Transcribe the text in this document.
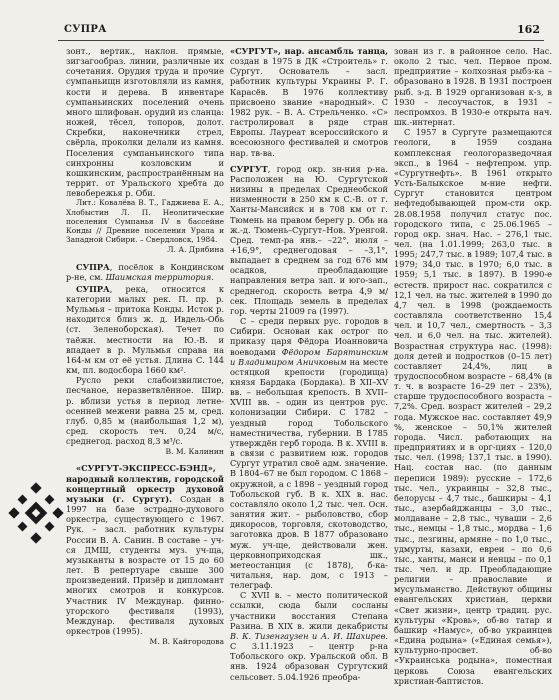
СУПРА	162

зонт., вертик., наклон. прямые, зигзагообраз. линии, различные их сочетания. Орудия труда и прочие сумпаньищн изготовляли из камня, кости и дерева. В инвентаре сумпаньинских поселений очень много шлифован. орудий из сланца: ножей, тёсел, топоров, долот. Скребки, наконечники стрел, свёрла, проколки делали из камня. Поселения сумпаньинского типа синхронны козловским и кошкинским, распространённым на террит. от Уральского хребта до левобережья р. Оби.

Лит.: Ковалёва В. Т., Гаджиева Е. А., Хлобыстин Л. П. Неолитические поселения Сумпанья IV в бассейне Конды // Древние поселения Урала и Западной Сибири. – Свердловск, 1984.

Л. А. Дрябина

СУПРА, посёлок в Кондинском р-не, см. Шаимская территория.

СУПРА, река, относится к категории малых рек. П. пр. р. Мульмья – притока Конды. Исток р. находится близ ж. д. Ивдель-Обь (ст. Зеленоборская). Течет по таёжн. местности на Ю.-В. и впадает в р. Мульмья справа на 164-м км от её устья. Длина С. 144 км, пл. водосбора 1660 км².

Русло реки слабоизвилистое, песчаное, неразветвлённое. Шир. р. вблизи устья в период летне-осенней межени равна 25 м, сред. глуб. 0,85 м (наибольшая 1,2 м), сред. скорость теч. 0,24 м/с, среднегод. расход 8,3 м³/с.

В. М. Калинин

«СУРГУТ-ЭКСПРЕСС-БЭНД», народный коллектив, городской концертный оркестр духовой музыки (г. Сургут). Создан в 1997 на базе эстрадно-духового оркестра, существующего с 1967. Рук. – засл. работник культуры России В. А. Санин. В составе – уч-ся ДМШ, студенты муз. уч-ща, музыканты в возрасте от 15 до 60 лет. В репертуаре свыше 300 произведений. Призёр и дипломант многих смотров и конкурсов. Участник IV Междунар. финно-угорского фестиваля (1993), Междунар. фестиваля духовых оркестров (1995).

М. В. Кайгородова

«СУРГУТ», нар. ансамбль танца, создан в 1975 в ДК «Строитель» г. Сургут. Основатель – засл. работник культуры Украины Р. Г. Карасёв. В 1976 коллективу присвоено звание «народный». С 1982 рук. – В. А. Стрельченко. «С» гастролировал в ряде стран Европы. Лауреат всероссийского и всесоюзного фестивалей и смотров нар. тв-ва.

СУРГУТ, город окр. зн-ния р-на. Расположен на Ю. Сургутской низины в пределах Среднеобской низменности в 250 км к С.-В. от г. Ханты-Мансийск и в 708 км от г. Тюмень на правом берегу р. Обь на ж.-д. Тюмень–Сургут–Нов. Уренгой. Сред. темп-ра янв.– –22°, июля – +16,9°, среднегодовая – –3,1°, выпадает в среднем за год 676 мм осадков, преобладающие направления ветра зап. и юго-зап., среднегод. скорость ветра 4,9 м/сек. Площадь земель в пределах гор. черты 21009 га (1997).

С – среди первых рус. городов в Сибири. Основан как острог по приказу царя Фёдора Иоанновича воеводами Фёдором Барятинским и Владимиром Аничковым на месте остяцкой крепости (городища) князя Бардака (Бордака). В XII–XV вв. – небольшая крепость. В XVII–XVIII вв. – один из центров рус. колонизации Сибири. С 1782 – уездный город Тобольского наместничества, губернии. В 1785 утверждён герб города. В к. XVIII в. в связи с развитием юж. городов Сургут утратил своё адм. значение. В 1804–67 не был городом. С 1868 – окружной, а с 1898 – уездный город Тобольской губ. В к. XIX в. нас. составляло около 1,2 тыс. чел. Осн. занятия жит. – рыболовство, сбор дикоросов, торговля, скотоводство, заготовка дров. В 1877 образовано муж. уч-ще, действовали жен. церковноприходская шк., метеостанция (с 1878), б-ка-читальня, нар. дом, с 1913 – телеграф.

С XVII в. – место политической ссылки, сюда были сосланы участники восстания Степана Разина. В XIX в. жили декабристы В. К. Тизенгаузен и А. И. Шахирев. С 3.11.1923 – центр р-на Тобольского окр. Уральской обл. В янв. 1924 образован Сургутский сельсовет. 5.04.1926 преобра-

зован из г. в районное село. Нас. около 2 тыс. чел. Первое пром. предприятие – колхозная рыбз-ка – образовано в 1928. В 1931 построен рыб. з-д. В 1929 организован к-з, в 1930 – лесоучасток, в 1931 – леспромхоз. В 1930-е открыта нач. шк.-интернат.

С 1957 в Сургуте размещаются геологи, в 1959 создана комплексная геологоразведочная эксп., в 1964 – нефтепром. упр. «Сургутнефть». В 1961 открыто Усть-Балыкское м-ние нефти. Сургут становится центром нефтедобывающей пром-сти окр. 28.08.1958 получил статус пос. городского типа, с 25.06.1965 – город окр. знач. Нас. – 276,1 тыс. чел. (на 1.01.1999; 263,0 тыс. в 1995; 247,7 тыс. в 1989; 107,4 тыс. в 1979; 34,0 тыс. в 1970; 6,0 тыс. в 1959; 5,1 тыс. в 1897). В 1990-е естеств. прирост нас. сократился с 12,1 чел. на тыс. жителей в 1990 до 4,7 чел. в 1998 (рождаемость составляла соответственно 15,4 чел. и 10,7 чел., смертность – 3,3 чел. и 6,0 чел. на тыс. жителей). Возрастная структура нас. (1998): доля детей и подростков (0–15 лет) составляет 24,4%, лиц в трудоспособном возрасте – 68,4% (в т. ч. в возрасте 16–29 лет – 23%), старше трудоспособного возраста – 7,2%. Сред. возраст жителей – 29,2 года. Мужское нас. составляет 49,9 %, женское – 50,1% жителей города. Числ. работающих на предприятиях и в орг-циях – 120,0 тыс. чел. (1998; 137,1 тыс. в 1990). Нац. состав нас. (по данным переписи 1989): русские – 172,6 тыс. чел., украинцы – 32,8 тыс., белорусы – 4,7 тыс., башкиры – 4,1 тыс., азербайджанцы – 3,0 тыс., молдаване – 2,8 тыс., чуваши – 2,6 тыс., немцы – 1,8 тыс., мордва – 1,6 тыс., лезгины, армяне – по 1,0 тыс., удмурты, казахи, евреи – по 0,6 тыс., ханты, манси и ненцы – по 0,1 тыс. чел. и др. Преобладающие религии – православие и мусульманство. Действуют общины евангельских христиан, церкви «Свет жизни», центр традиц. рус. культуры «Кровь», об-во татар и башкир «Намус», об-во украинцев «Едина родына» («Единая семья»), культурно-просвет. об-во «Украинська родына», поместная церковь Союза евангельских христиан-баптистов.
